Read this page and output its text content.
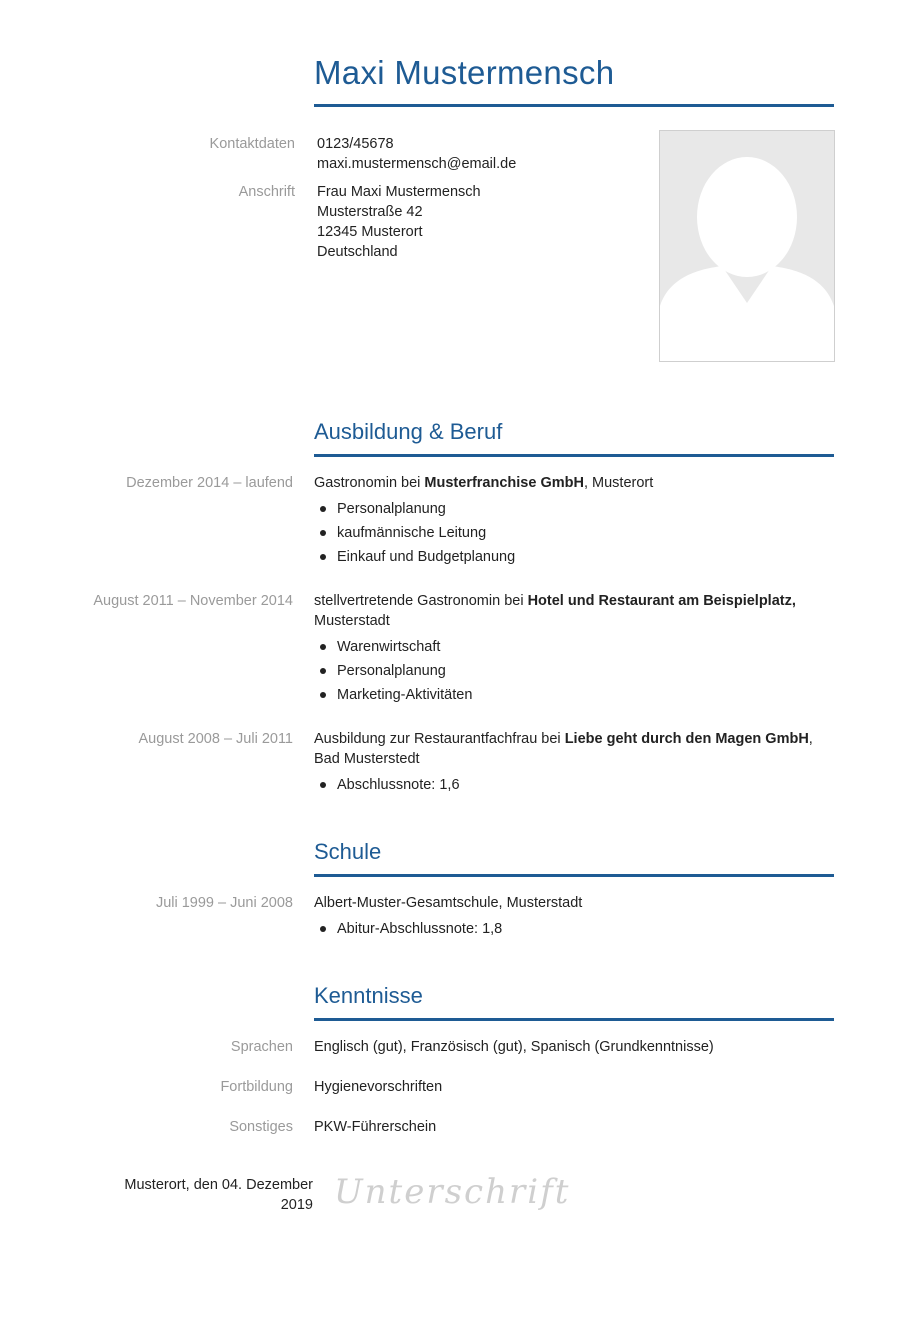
Maxi Mustermensch
Kontaktdaten 0123/45678
maxi.mustermensch@email.de
Anschrift Frau Maxi Mustermensch
Musterstraße 42
12345 Musterort
Deutschland
Ausbildung & Beruf
Dezember 2014 – laufend Gastronomin bei Musterfranchise GmbH, Musterort
Personalplanung
kaufmännische Leitung
Einkauf und Budgetplanung
August 2011 – November 2014 stellvertretende Gastronomin bei Hotel und Restaurant am Beispielplatz, Musterstadt
Warenwirtschaft
Personalplanung
Marketing-Aktivitäten
August 2008 – Juli 2011 Ausbildung zur Restaurantfachfrau bei Liebe geht durch den Magen GmbH, Bad Musterstedt
Abschlussnote: 1,6
Schule
Juli 1999 – Juni 2008 Albert-Muster-Gesamtschule, Musterstadt
Abitur-Abschlussnote: 1,8
Kenntnisse
Sprachen Englisch (gut), Französisch (gut), Spanisch (Grundkenntnisse)
Fortbildung Hygienevorschriften
Sonstiges PKW-Führerschein
Musterort, den 04. Dezember 2019 Unterschrift
